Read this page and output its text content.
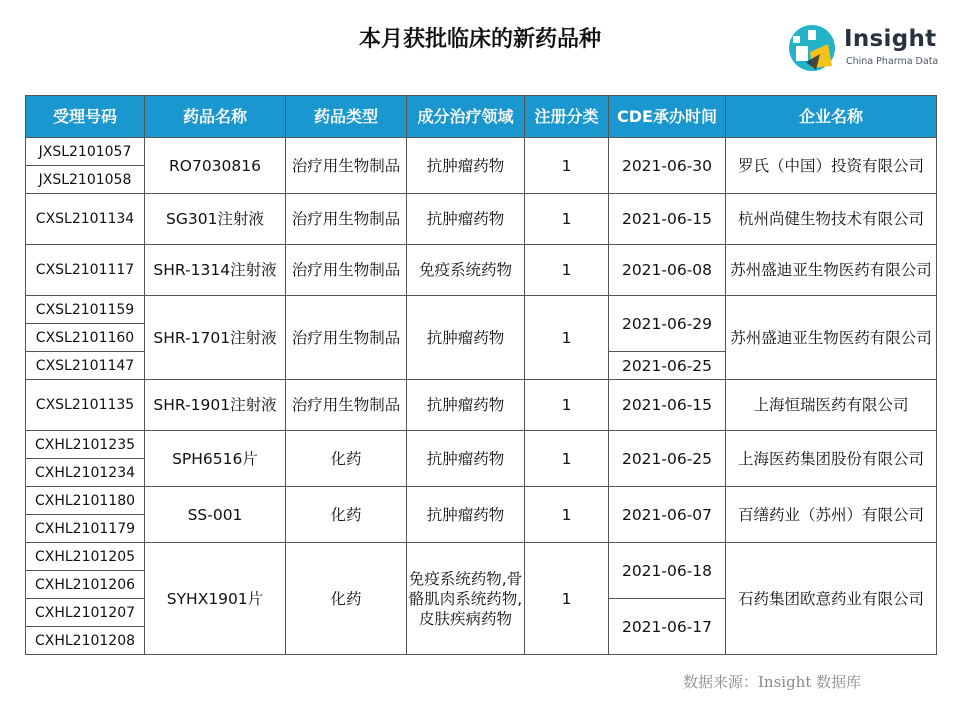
本月获批临床的新药品种	Insight
China Pharma Data
受理号码	药品名称	药品类型	成分治疗领域	注册分类	CDE承办时间	企业名称
JXSL2101057	RO7030816	治疗用生物制品	抗肿瘤药物	1	2021-06-30	罗氏（中国）投资有限公司
JXSL2101058						
CXSL2101134	SG301注射液	治疗用生物制品	抗肿瘤药物	1	2021-06-15	杭州尚健生物技术有限公司
CXSL2101117	SHR-1314注射液	治疗用生物制品	免疫系统药物	1	2021-06-08	苏州盛迪亚生物医药有限公司
CXSL2101159	SHR-1701注射液	治疗用生物制品	抗肿瘤药物	1	2021-06-29	苏州盛迪亚生物医药有限公司
CXSL2101160						
CXSL2101147					2021-06-25	
CXSL2101135	SHR-1901注射液	治疗用生物制品	抗肿瘤药物	1	2021-06-15	上海恒瑞医药有限公司
CXHL2101235	SPH6516片	化药	抗肿瘤药物	1	2021-06-25	上海医药集团股份有限公司
CXHL2101234						
CXHL2101180	SS-001	化药	抗肿瘤药物	1	2021-06-07	百缮药业（苏州）有限公司
CXHL2101179						
CXHL2101205	SYHX1901片	化药	免疫系统药物,骨骼肌肉系统药物,皮肤疾病药物	1	2021-06-18	石药集团欧意药业有限公司
CXHL2101206						
CXHL2101207					2021-06-17	
CXHL2101208						
数据来源：Insight 数据库
